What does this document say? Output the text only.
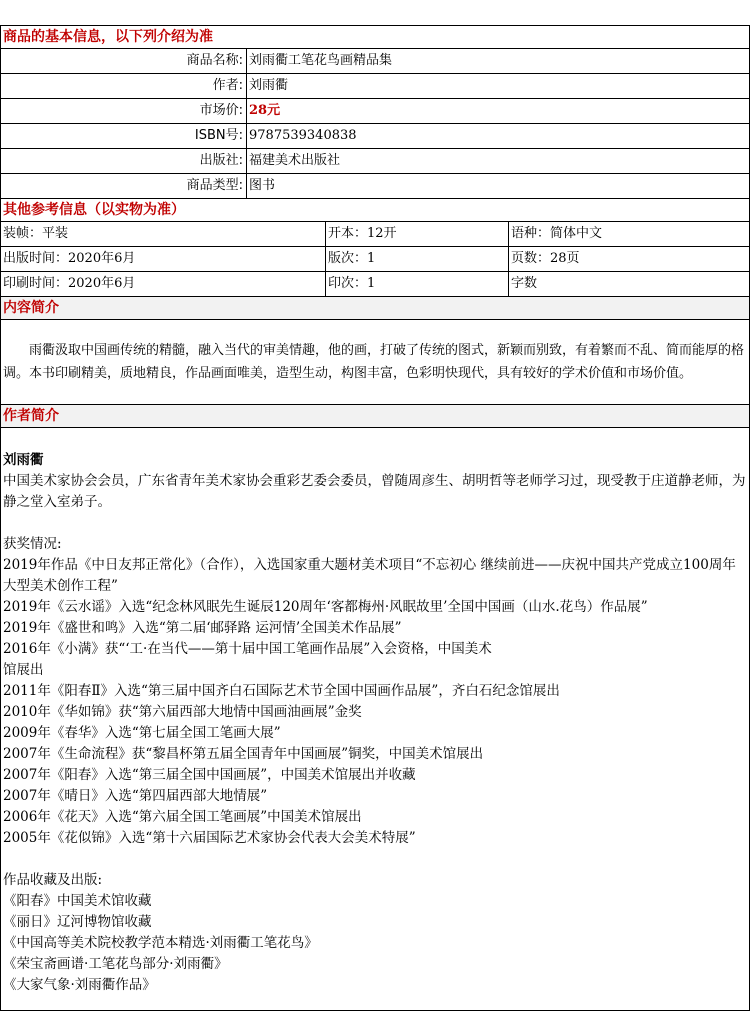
商品的基本信息，以下列介绍为准
商品名称: 刘雨衢工笔花鸟画精品集
作者: 刘雨衢
市场价: 28元
ISBN号: 9787539340838
出版社: 福建美术出版社
商品类型: 图书
其他参考信息（以实物为准）
装帧：平装	开本：12开	语种：简体中文
出版时间：2020年6月	版次：1	页数：28页
印刷时间：2020年6月	印次：1	字数
内容简介
雨衢汲取中国画传统的精髓，融入当代的审美情趣，他的画，打破了传统的图式，新颖而别致，有着繁而不乱、简而能厚的格调。本书印刷精美，质地精良，作品画面唯美，造型生动，构图丰富，色彩明快现代，具有较好的学术价值和市场价值。
作者简介
刘雨衢
中国美术家协会会员，广东省青年美术家协会重彩艺委会委员，曾随周彦生、胡明哲等老师学习过，现受教于庄道静老师，为静之堂入室弟子。
获奖情况:
2019年作品《中日友邦正常化》（合作），入选国家重大题材美术项目“不忘初心 继续前进——庆祝中国共产党成立100周年大型美术创作工程”
2019年《云水谣》入选“纪念林风眠先生诞辰120周年‘客都梅州·风眠故里’全国中国画（山水.花鸟）作品展”
2019年《盛世和鸣》入选“第二届‘邮驿路 运河情’全国美术作品展”
2016年《小满》获“‘工·在当代——第十届中国工笔画作品展”入会资格，中国美术
馆展出
2011年《阳春Ⅱ》入选“第三届中国齐白石国际艺术节全国中国画作品展”，齐白石纪念馆展出
2010年《华如锦》获“第六届西部大地情中国画油画展”金奖
2009年《春华》入选“第七届全国工笔画大展”
2007年《生命流程》获“黎昌杯第五届全国青年中国画展”铜奖，中国美术馆展出
2007年《阳春》入选“第三届全国中国画展”，中国美术馆展出并收藏
2007年《晴日》入选“第四届西部大地情展”
2006年《花天》入选“第六届全国工笔画展”中国美术馆展出
2005年《花似锦》入选“第十六届国际艺术家协会代表大会美术特展”
作品收藏及出版:
《阳春》中国美术馆收藏
《丽日》辽河博物馆收藏
《中国高等美术院校教学范本精选·刘雨衢工笔花鸟》
《荣宝斋画谱·工笔花鸟部分·刘雨衢》
《大家气象·刘雨衢作品》
